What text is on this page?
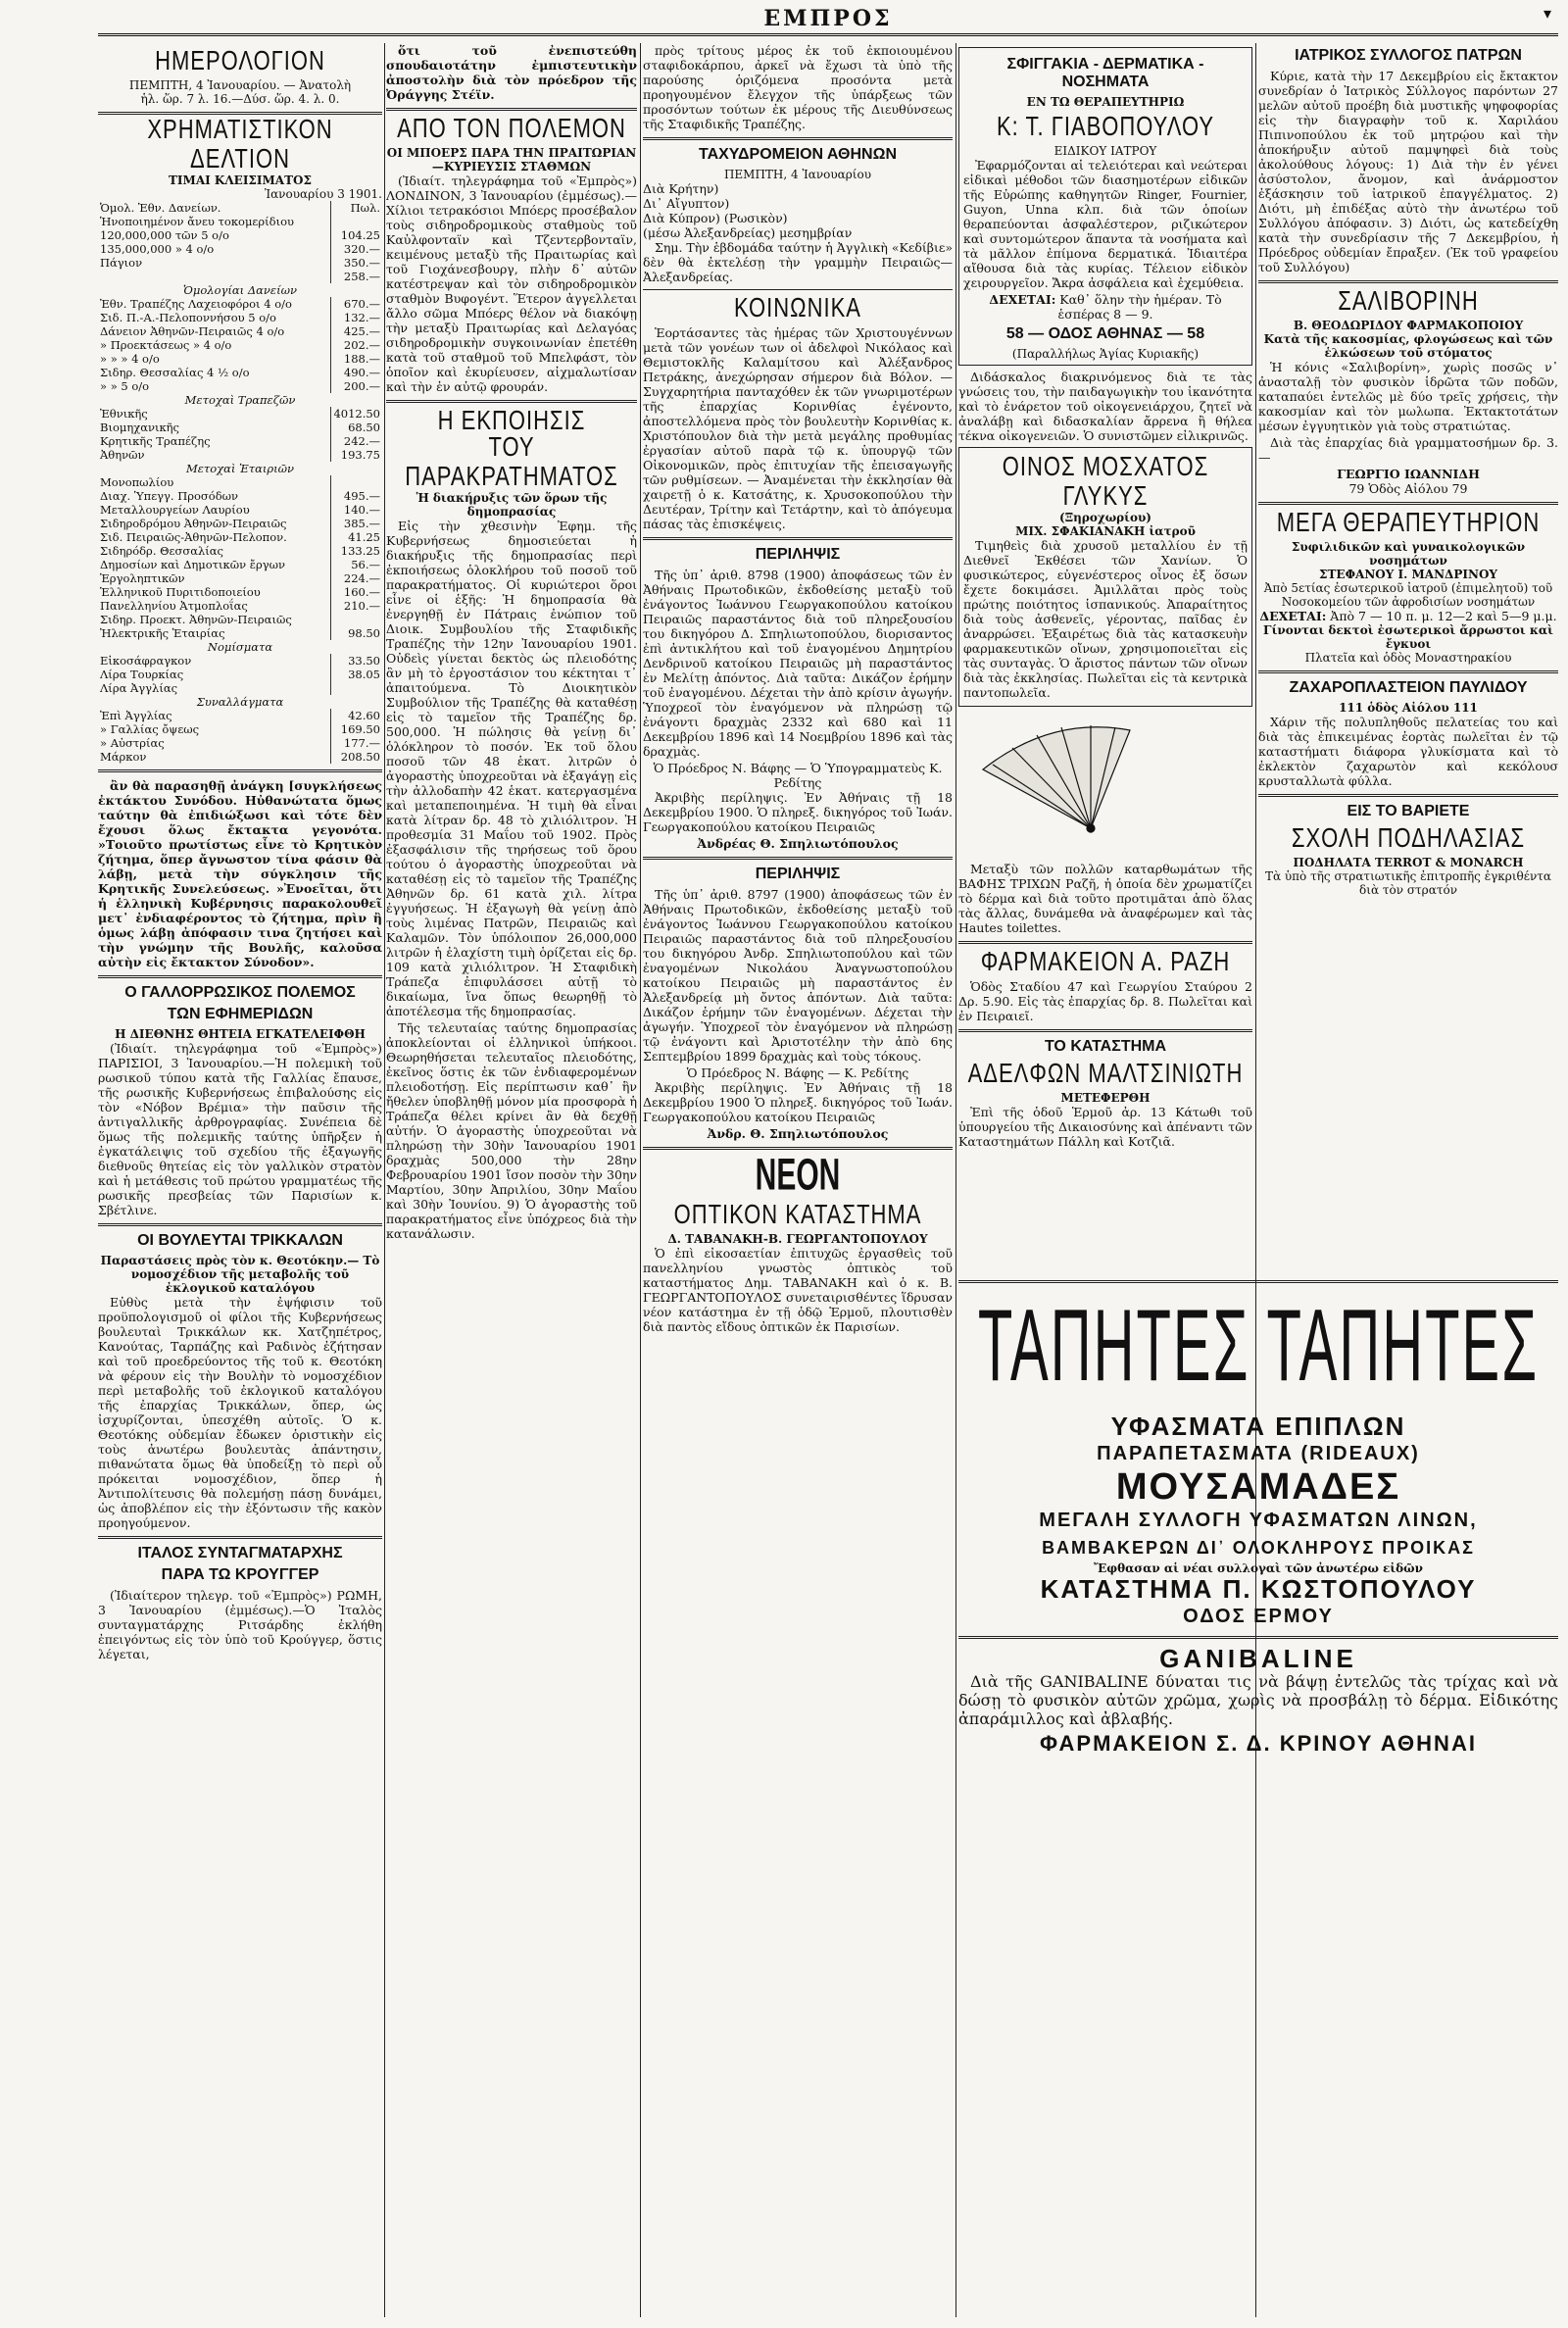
ΕΜΠΡΟΣ	▾
ΗΜΕΡΟΛΟΓΙΟΝ
ΠΕΜΠΤΗ, 4 Ἰανουαρίου. — Ἀνατολὴ
ἡλ. ὥρ. 7 λ. 16.—Δύσ. ὥρ. 4. λ. 0.
ΧΡΗΜΑΤΙΣΤΙΚΟΝ ΔΕΛΤΙΟΝ
ΤΙΜΑΙ ΚΛΕΙΣΙΜΑΤΟΣ
Ἰανουαρίου 3 1901.
Ὁμολ. Ἐθν. Δανείων.	Πωλ.
Ἡνοποιημένον ἄνευ τοκομερίδιου	
120,000,000 τῶν 5 ο/ο	104.25
135,000,000 » 4 ο/ο	320.—
Πάγιον	350.—
	258.—
Ὁμολογίαι Δανείων	
Ἐθν. Τραπέζης Λαχειοφόροι 4 ο/ο	670.—
Σιδ. Π.-Α.-Πελοποννήσου 5 ο/ο	132.—
Δάνειον Ἀθηνῶν-Πειραιῶς 4 ο/ο	425.—
» Προεκτάσεως » 4 ο/ο	202.—
» » » 4 ο/ο	188.—
Σιδηρ. Θεσσαλίας 4 ½ ο/ο	490.—
» » 5 ο/ο	200.—
Μετοχαὶ Τραπεζῶν	
Ἐθνικῆς	4012.50
Βιομηχανικῆς	68.50
Κρητικῆς Τραπέζης	242.—
Ἀθηνῶν	193.75
Μετοχαὶ Ἑταιριῶν	
Μονοπωλίου	
Διαχ. Ὑπεγγ. Προσόδων	495.—
Μεταλλουργείων Λαυρίου	140.—
Σιδηροδρόμου Ἀθηνῶν-Πειραιῶς	385.—
Σιδ. Πειραιῶς-Ἀθηνῶν-Πελοπον.	41.25
Σιδηρόδρ. Θεσσαλίας	133.25
Δημοσίων καὶ Δημοτικῶν ἔργων	56.—
Ἐργοληπτικῶν	224.—
Ἑλληνικοῦ Πυριτιδοποιείου	160.—
Πανελληνίου Ἀτμοπλοΐας	210.—
Σιδηρ. Προεκτ. Ἀθηνῶν-Πειραιῶς	
Ἠλεκτρικῆς Ἑταιρίας	98.50
Νομίσματα	
Εἰκοσάφραγκον	33.50
Λίρα Τουρκίας	38.05
Λίρα Ἀγγλίας	
Συναλλάγματα	
Ἐπὶ Ἀγγλίας	42.60
» Γαλλίας ὄψεως	169.50
» Αὐστρίας	177.—
Μάρκον	208.50

ἂν θὰ παρασηθῇ ἀνάγκη [συγκλήσεως ἐκτάκτου Συνόδου. Ηὐθανώτατα ὅμως ταύτην θὰ ἐπιδιώξωσι καὶ τότε δὲν ἔχουσι ὅλως ἔκτακτα γεγονότα. »Τοιοῦτο πρωτίστως εἶνε τὸ Κρητικὸν ζήτημα, ὅπερ ἄγνωστον τίνα φάσιν θὰ λάβῃ, μετὰ τὴν σύγκλησιν τῆς Κρητικῆς Συνελεύσεως. »Ἐνοεῖται, ὅτι ἡ ἑλληνικὴ Κυβέρνησις παρακολουθεῖ μετ᾿ ἐνδιαφέροντος τὸ ζήτημα, πρὶν ἢ ὁμως λάβῃ ἀπόφασιν τινα ζητήσει καὶ τὴν γνώμην τῆς Βουλῆς, καλοῦσα αὐτὴν εἰς ἔκτακτον Σύνοδον».

Ο ΓΑΛΛΟΡΡΩΣΙΚΟΣ ΠΟΛΕΜΟΣ
ΤΩΝ ΕΦΗΜΕΡΙΔΩΝ
Η ΔΙΕΘΝΗΣ ΘΗΤΕΙΑ ΕΓΚΑΤΕΛΕΙΦΘΗ

(Ἰδιαίτ. τηλεγράφημα τοῦ «Ἐμπρὸς») ΠΑΡΙΣΙΟΙ, 3 Ἰανουαρίου.—Ἡ πολεμικὴ τοῦ ρωσικοῦ τύπου κατὰ τῆς Γαλλίας ἔπαυσε, τῆς ρωσικῆς Κυβερνήσεως ἐπιβαλούσης εἰς τὸν «Νόβον Βρέμια» τὴν παῦσιν τῆς ἀντιγαλλικῆς ἀρθρογραφίας. Συνέπεια δὲ ὅμως τῆς πολεμικῆς ταύτης ὑπῆρξεν ἡ ἐγκατάλειψις τοῦ σχεδίου τῆς ἐξαγωγῆς διεθνοῦς θητείας εἰς τὸν γαλλικὸν στρατὸν καὶ ἡ μετάθεσις τοῦ πρώτου γραμματέως τῆς ρωσικῆς πρεσβείας τῶν Παρισίων κ. Σβέτλινε.

ΟΙ ΒΟΥΛΕΥΤΑΙ ΤΡΙΚΚΑΛΩΝ
Παραστάσεις πρὸς τὸν κ. Θεοτόκην.— Τὸ νομοσχέδιον τῆς μεταβολῆς τοῦ ἐκλογικοῦ καταλόγου

Εὐθὺς μετὰ τὴν ἐψήφισιν τοῦ προϋπολογισμοῦ οἱ φίλοι τῆς Κυβερνήσεως βουλευταὶ Τρικκάλων κκ. Χατζηπέτρος, Κανούτας, Ταρπάζης καὶ Ραδινὸς ἐζήτησαν καὶ τοῦ προεδρεύοντος τῆς τοῦ κ. Θεοτόκη νὰ φέρουν εἰς τὴν Βουλὴν τὸ νομοσχέδιον περὶ μεταβολῆς τοῦ ἐκλογικοῦ καταλόγου τῆς ἐπαρχίας Τρικκάλων, ὅπερ, ὡς ἰσχυρίζονται, ὑπεσχέθη αὐτοῖς. Ὁ κ. Θεοτόκης οὐδεμίαν ἔδωκεν ὁριστικὴν εἰς τοὺς ἀνωτέρω βουλευτὰς ἀπάντησιν, πιθανώτατα ὅμως θὰ ὑποδείξῃ τὸ περὶ οὗ πρόκειται νομοσχέδιον, ὅπερ ἡ Ἀντιπολίτευσις θὰ πολεμήσῃ πάσῃ δυνάμει, ὡς ἀποβλέπον εἰς τὴν ἐξόντωσιν τῆς κακὸν προηγούμενον.

ΙΤΑΛΟΣ ΣΥΝΤΑΓΜΑΤΑΡΧΗΣ
ΠΑΡΑ ΤΩ ΚΡΟΥΓΓΕΡ

(Ἰδιαίτερον τηλεγρ. τοῦ «Ἐμπρὸς») ΡΩΜΗ, 3 Ἰανουαρίου (ἐμμέσως).—Ὁ Ἰταλὸς συνταγματάρχης Ριτσάρδης ἐκλήθη ἐπειγόντως εἰς τὸν ὑπὸ τοῦ Κρούγγερ, ὅστις λέγεται,

ὅτι τοῦ ἐνεπιστεύθη σπουδαιοτάτην ἐμπιστευτικὴν ἀποστολὴν διὰ τὸν πρόεδρον τῆς Ὀράγγης Στέϊν.

ΑΠΟ ΤΟΝ ΠΟΛΕΜΟΝ
ΟΙ ΜΠΟΕΡΣ ΠΑΡΑ ΤΗΝ ΠΡΑΙΤΩΡΙΑΝ
—ΚΥΡΙΕΥΣΙΣ ΣΤΑΘΜΩΝ

(Ἰδιαίτ. τηλεγράφημα τοῦ «Ἐμπρὸς») ΛΟΝΔΙΝΟΝ, 3 Ἰανουαρίου (ἐμμέσως).— Χίλιοι τετρακόσιοι Μπόερς προσέβαλον τοὺς σιδηροδρομικοὺς σταθμοὺς τοῦ Καὐλφονταϊν καὶ Τζεντερβονταϊν, κειμένους μεταξὺ τῆς Πραιτωρίας καὶ τοῦ Γιοχάνεσβουργ, πλὴν δ᾿ αὐτῶν κατέστρεψαν καὶ τὸν σιδηροδρομικὸν σταθμὸν Βυφογέντ. Ἕτερον ἀγγελλεται ἄλλο σῶμα Μπόερς θέλον νὰ διακόψῃ τὴν μεταξὺ Πραιτωρίας καὶ Δελαγόας σιδηροδρομικὴν συγκοινωνίαν ἐπετέθη κατὰ τοῦ σταθμοῦ τοῦ Μπελφάστ, τὸν ὁποῖον καὶ ἐκυρίευσεν, αἰχμαλωτίσαν καὶ τὴν ἐν αὐτῷ φρουράν.

Η ΕΚΠΟΙΗΣΙΣ
ΤΟΥ ΠΑΡΑΚΡΑΤΗΜΑΤΟΣ
Ἡ διακήρυξις τῶν ὅρων τῆς δημοπρασίας

Εἰς τὴν χθεσινὴν Ἐφημ. τῆς Κυβερνήσεως δημοσιεύεται ἡ διακήρυξις τῆς δημοπρασίας περὶ ἐκποιήσεως ὁλοκλήρου τοῦ ποσοῦ τοῦ παρακρατήματος. Οἱ κυριώτεροι ὅροι εἶνε οἱ ἑξῆς: Ἡ δημοπρασία θὰ ἐνεργηθῇ ἐν Πάτραις ἐνώπιον τοῦ Διοικ. Συμβουλίου τῆς Σταφιδικῆς Τραπέζης τὴν 12ην Ἰανουαρίου 1901. Οὐδεὶς γίνεται δεκτὸς ὡς πλειοδότης ἂν μὴ τὸ ἐργοστάσιον του κέκτηται τ᾿ ἀπαιτούμενα. Τὸ Διοικητικὸν Συμβούλιον τῆς Τραπέζης θὰ καταθέσῃ εἰς τὸ ταμεῖον τῆς Τραπέζης δρ. 500,000. Ἡ πώλησις θὰ γείνῃ δι᾿ ὁλόκληρον τὸ ποσόν. Ἐκ τοῦ ὅλου ποσοῦ τῶν 48 ἑκατ. λιτρῶν ὁ ἀγοραστὴς ὑποχρεοῦται νὰ ἐξαγάγῃ εἰς τὴν ἀλλοδαπὴν 42 ἑκατ. κατεργασμένα καὶ μεταπεποιημένα. Ἡ τιμὴ θὰ εἶναι κατὰ λίτραν δρ. 48 τὸ χιλιόλιτρον. Ἡ προθεσμία 31 Μαΐου τοῦ 1902. Πρὸς ἐξασφάλισιν τῆς τηρήσεως τοῦ ὅρου τούτου ὁ ἀγοραστὴς ὑποχρεοῦται νὰ καταθέσῃ εἰς τὸ ταμεῖον τῆς Τραπέζης Ἀθηνῶν δρ. 61 κατὰ χιλ. λίτρα ἐγγυήσεως. Ἡ ἐξαγωγὴ θὰ γείνῃ ἀπὸ τοὺς λιμένας Πατρῶν, Πειραιῶς καὶ Καλαμῶν. Τὸν ὑπόλοιπον 26,000,000 λιτρῶν ἡ ἐλαχίστη τιμὴ ὁρίζεται εἰς δρ. 109 κατὰ χιλιόλιτρον. Ἡ Σταφιδικὴ Τράπεζα ἐπιφυλάσσει αὐτῇ τὸ δικαίωμα, ἵνα ὅπως θεωρηθῇ τὸ ἀποτέλεσμα τῆς δημοπρασίας.

Τῆς τελευταίας ταύτης δημοπρασίας ἀποκλείονται οἱ ἑλληνικοὶ ὑπήκοοι. Θεωρηθήσεται τελευταῖος πλειοδότης, ἐκεῖνος ὅστις ἐκ τῶν ἐνδιαφερομένων πλειοδοτήσῃ. Εἰς περίπτωσιν καθ᾿ ἣν ἤθελεν ὑποβληθῇ μόνον μία προσφορὰ ἡ Τράπεζα θέλει κρίνει ἂν θὰ δεχθῇ αὐτήν. Ὁ ἀγοραστὴς ὑποχρεοῦται νὰ πληρώσῃ τὴν 30ὴν Ἰανουαρίου 1901 δραχμὰς 500,000 τὴν 28ην Φεβρουαρίου 1901 ἴσον ποσὸν τὴν 30ην Μαρτίου, 30ην Ἀπριλίου, 30ην Μαΐου καὶ 30ὴν Ἰουνίου. 9) Ὁ ἀγοραστὴς τοῦ παρακρατήματος εἶνε ὑπόχρεος διὰ τὴν κατανάλωσιν.

πρὸς τρίτους μέρος ἐκ τοῦ ἐκποιουμένου σταφιδοκάρπου, ἀρκεῖ νὰ ἔχωσι τὰ ὑπὸ τῆς παρούσης ὁριζόμενα προσόντα μετὰ προηγουμένον ἔλεγχον τῆς ὑπάρξεως τῶν προσόντων τούτων ἐκ μέρους τῆς Διευθύνσεως τῆς Σταφιδικῆς Τραπέζης.

ΤΑΧΥΔΡΟΜΕΙΟΝ ΑΘΗΝΩΝ
ΠΕΜΠΤΗ, 4 Ἰανουαρίου
Διὰ Κρήτην)
Δι᾿ Αἴγυπτον)
Διὰ Κύπρον) (Ρωσικὸν)
(μέσω Ἀλεξανδρείας) μεσημβρίαν

Σημ. Τὴν ἑβδομάδα ταύτην ἡ Ἀγγλικὴ «Κεδίβιε» δὲν θὰ ἐκτελέσῃ τὴν γραμμὴν Πειραιῶς—Ἀλεξανδρείας.

ΚΟΙΝΩΝΙΚΑ

Ἑορτάσαντες τὰς ἡμέρας τῶν Χριστουγέννων μετὰ τῶν γονέων των οἱ ἀδελφοὶ Νικόλαος καὶ Θεμιστοκλῆς Καλαμίτσου καὶ Ἀλέξανδρος Πετράκης, ἀνεχώρησαν σήμερον διὰ Βόλον. — Συγχαρητήρια πανταχόθεν ἐκ τῶν γνωριμοτέρων τῆς ἐπαρχίας Κορινθίας ἐγένοντο, ἀποστελλόμενα πρὸς τὸν βουλευτὴν Κορινθίας κ. Χριστόπουλον διὰ τὴν μετὰ μεγάλης προθυμίας ἐργασίαν αὐτοῦ παρὰ τῷ κ. ὑπουργῷ τῶν Οἰκονομικῶν, πρὸς ἐπιτυχίαν τῆς ἐπεισαγωγῆς τῶν ρυθμίσεων. — Ἀναμένεται τὴν ἐκκλησίαν θὰ χαιρετῇ ὁ κ. Κατσάτης, κ. Χρυσοκοπούλου τὴν Δευτέραν, Τρίτην καὶ Τετάρτην, καὶ τὸ ἀπόγευμα πάσας τὰς ἐπισκέψεις.

ΠΕΡΙΛΗΨΙΣ

Τῆς ὑπ᾿ ἀριθ. 8798 (1900) ἀποφάσεως τῶν ἐν Ἀθήναις Πρωτοδικῶν, ἐκδοθείσης μεταξὺ τοῦ ἐνάγοντος Ἰωάννου Γεωργακοπούλου κατοίκου Πειραιῶς παραστάντος διὰ τοῦ πληρεξουσίου του δικηγόρου Δ. Σπηλιωτοπούλου, διορισαντος ἐπὶ ἀντικλήτου καὶ τοῦ ἐναγομένου Δημητρίου Δενδρινοῦ κατοίκου Πειραιῶς μὴ παραστάντος ἐν Μελίτῃ ἀπόντος. Διὰ ταῦτα: Δικάζον ἐρήμην τοῦ ἐναγομένου. Δέχεται τὴν ἀπὸ κρίσιν ἀγωγήν. Ὑποχρεοῖ τὸν ἐναγόμενον νὰ πληρώσῃ τῷ ἐνάγοντι δραχμὰς 2332 καὶ 680 καὶ 11 Δεκεμβρίου 1896 καὶ 14 Νοεμβρίου 1896 καὶ τὰς δραχμὰς.

Ὁ Πρόεδρος Ν. Βάφης — Ὁ Ὑπογραμματεὺς Κ. Ρεδίτης

Ἀκριβὴς περίληψις. Ἐν Ἀθήναις τῇ 18 Δεκεμβρίου 1900. Ὁ πληρεξ. δικηγόρος τοῦ Ἰωάν. Γεωργακοπούλου κατοίκου Πειραιῶς

Ἀνδρέας Θ. Σπηλιωτόπουλος
ΠΕΡΙΛΗΨΙΣ

Τῆς ὑπ᾿ ἀριθ. 8797 (1900) ἀποφάσεως τῶν ἐν Ἀθήναις Πρωτοδικῶν, ἐκδοθείσης μεταξὺ τοῦ ἐνάγοντος Ἰωάννου Γεωργακοπούλου κατοίκου Πειραιῶς παραστάντος διὰ τοῦ πληρεξουσίου του δικηγόρου Ἀνδρ. Σπηλιωτοπούλου καὶ τῶν ἐναγομένων Νικολάου Ἀναγνωστοπούλου κατοίκου Πειραιῶς μὴ παραστάντος ἐν Ἀλεξανδρείᾳ μὴ ὄντος ἀπόντων. Διὰ ταῦτα: Δικάζον ἐρήμην τῶν ἐναγομένων. Δέχεται τὴν ἀγωγήν. Ὑποχρεοῖ τὸν ἐναγόμενον νὰ πληρώσῃ τῷ ἐνάγοντι καὶ Ἀριστοτέλην τὴν ἀπὸ 6ης Σεπτεμβρίου 1899 δραχμὰς καὶ τοὺς τόκους.

Ὁ Πρόεδρος Ν. Βάφης — Κ. Ρεδίτης

Ἀκριβὴς περίληψις. Ἐν Ἀθήναις τῇ 18 Δεκεμβρίου 1900 Ὁ πληρεξ. δικηγόρος τοῦ Ἰωάν. Γεωργακοπούλου κατοίκου Πειραιῶς

Ἀνδρ. Θ. Σπηλιωτόπουλος
ΝΕΟΝ
ΟΠΤΙΚΟΝ ΚΑΤΑΣΤΗΜΑ
Δ. ΤΑΒΑΝΑΚΗ-Β. ΓΕΩΡΓΑΝΤΟΠΟΥΛΟΥ

Ὁ ἐπὶ εἰκοσαετίαν ἐπιτυχῶς ἐργασθεὶς τοῦ πανελληνίου γνωστὸς ὀπτικὸς τοῦ καταστήματος Δημ. ΤΑΒΑΝΑΚΗ καὶ ὁ κ. Β. ΓΕΩΡΓΑΝΤΟΠΟΥΛΟΣ συνεταιρισθέντες ἵδρυσαν νέον κατάστημα ἐν τῇ ὁδῷ Ἑρμοῦ, πλουτισθὲν διὰ παντὸς εἴδους ὀπτικῶν ἐκ Παρισίων.

ΣΦΙΓΓΑΚΙΑ - ΔΕΡΜΑΤΙΚΑ - ΝΟΣΗΜΑΤΑ
ΕΝ ΤΩ ΘΕΡΑΠΕΥΤΗΡΙΩ
Κ: Τ. ΓΙΑΒΟΠΟΥΛΟΥ
ΕΙΔΙΚΟΥ ΙΑΤΡΟΥ

Ἐφαρμόζονται αἱ τελειότεραι καὶ νεώτεραι εἰδικαὶ μέθοδοι τῶν διασημοτέρων εἰδικῶν τῆς Εὐρώπης καθηγητῶν Ringer, Fournier, Guyon, Unna κλπ. διὰ τῶν ὁποίων θεραπεύονται ἀσφαλέστερον, ριζικώτερον καὶ συντομώτερον ἅπαντα τὰ νοσήματα καὶ τὰ μᾶλλον ἐπίμονα δερματικά. Ἰδιαιτέρα αἴθουσα διὰ τὰς κυρίας. Τέλειον εἰδικὸν χειρουργεῖον. Ἄκρα ἀσφάλεια καὶ ἐχεμύθεια.

ΔΕΧΕΤΑΙ: Καθ᾿ ὅλην τὴν ἡμέραν. Τὸ ἑσπέρας 8 — 9.
58 — ΟΔΟΣ ΑΘΗΝΑΣ — 58
(Παραλλήλως Ἁγίας Κυριακῆς)

Διδάσκαλος διακρινόμενος διὰ τε τὰς γνώσεις του, τὴν παιδαγωγικὴν του ἱκανότητα καὶ τὸ ἐνάρετον τοῦ οἰκογενειάρχου, ζητεῖ νὰ ἀναλάβῃ καὶ διδασκαλίαν ἄρρενα ἢ θήλεα τέκνα οἰκογενειῶν. Ὁ συνιστῶμεν εἰλικρινῶς.

ΟΙΝΟΣ ΜΟΣΧΑΤΟΣ ΓΛΥΚΥΣ
(Ξηροχωρίου)
ΜΙΧ. ΣΦΑΚΙΑΝΑΚΗ ἰατροῦ

Τιμηθεὶς διὰ χρυσοῦ μεταλλίου ἐν τῇ Διεθνεῖ Ἐκθέσει τῶν Χανίων. Ὁ φυσικώτερος, εὐγενέστερος οἶνος ἐξ ὅσων ἔχετε δοκιμάσει. Ἀμιλλᾶται πρὸς τοὺς πρώτης ποιότητος ἱσπανικούς. Ἀπαραίτητος διὰ τοὺς ἀσθενεῖς, γέροντας, παῖδας ἐν ἀναρρώσει. Ἐξαιρέτως διὰ τὰς κατασκευὴν φαρμακευτικῶν οἴνων, χρησιμοποιεῖται εἰς τὰς συνταγὰς. Ὁ ἄριστος πάντων τῶν οἴνων διὰ τὰς ἐκκλησίας. Πωλεῖται εἰς τὰ κεντρικὰ παντοπωλεῖα.

Μεταξὺ τῶν πολλῶν καταρθωμάτων τῆς ΒΑΦΗΣ ΤΡΙΧΩΝ Ραζῆ, ἡ ὁποία δὲν χρωματίζει τὸ δέρμα καὶ διὰ τοῦτο προτιμᾶται ἀπὸ ὅλας τὰς ἄλλας, δυνάμεθα νὰ ἀναφέρωμεν καὶ τὰς Hautes toilettes.

ΦΑΡΜΑΚΕΙΟΝ Α. ΡΑΖΗ

Ὁδὸς Σταδίου 47 καὶ Γεωργίου Σταύρου 2 Δρ. 5.90. Εἰς τὰς ἐπαρχίας δρ. 8. Πωλεῖται καὶ ἐν Πειραιεῖ.

ΤΟ ΚΑΤΑΣΤΗΜΑ
ΑΔΕΛΦΩΝ ΜΑΛΤΣΙΝΙΩΤΗ
ΜΕΤΕΦΕΡΘΗ

Ἐπὶ τῆς ὁδοῦ Ἑρμοῦ ἀρ. 13 Κάτωθι τοῦ ὑπουργείου τῆς Δικαιοσύνης καὶ ἀπέναντι τῶν Καταστημάτων Πάλλη καὶ Κοτζιᾶ.

ΙΑΤΡΙΚΟΣ ΣΥΛΛΟΓΟΣ ΠΑΤΡΩΝ

Κύριε, κατὰ τὴν 17 Δεκεμβρίου εἰς ἔκτακτον συνεδρίαν ὁ Ἰατρικὸς Σύλλογος παρόντων 27 μελῶν αὐτοῦ προέβη διὰ μυστικῆς ψηφοφορίας εἰς τὴν διαγραφὴν τοῦ κ. Χαριλάου Πιπινοπούλου ἐκ τοῦ μητρῴου καὶ τὴν ἀποκήρυξιν αὐτοῦ παμψηφεὶ διὰ τοὺς ἀκολούθους λόγους: 1) Διὰ τὴν ἐν γένει ἀσύστολον, ἄνομον, καὶ ἀνάρμοστον ἐξάσκησιν τοῦ ἰατρικοῦ ἐπαγγέλματος. 2) Διότι, μὴ ἐπιδέξας αὐτὸ τὴν ἀνωτέρω τοῦ Συλλόγου ἀπόφασιν. 3) Διότι, ὡς κατεδείχθη κατὰ τὴν συνεδρίασιν τῆς 7 Δεκεμβρίου, ἡ Πρόεδρος οὐδεμίαν ἔπραξεν. (Ἐκ τοῦ γραφείου τοῦ Συλλόγου)

ΣΑΛΙΒΟΡΙΝΗ
Β. ΘΕΟΔΩΡΙΔΟΥ ΦΑΡΜΑΚΟΠΟΙΟΥ
Κατὰ τῆς κακοσμίας, φλογώσεως καὶ τῶν ἑλκώσεων τοῦ στόματος

Ἡ κόνις «Σαλιβορίνη», χωρὶς ποσῶς ν᾿ ἀνασταλῇ τὸν φυσικὸν ἱδρῶτα τῶν ποδῶν, καταπαύει ἐντελῶς μὲ δύο τρεῖς χρήσεις, τὴν κακοσμίαν καὶ τὸν μωλωπα. Ἐκτακτοτάτων μέσων ἐγγυητικὸν γιὰ τοὺς στρατιώτας.

Διὰ τὰς ἐπαρχίας διὰ γραμματοσήμων δρ. 3.—

ΓΕΩΡΓΙΟ ΙΩΑΝΝΙΔΗ
79 Ὁδὸς Αἰόλου 79
ΜΕΓΑ ΘΕΡΑΠΕΥΤΗΡΙΟΝ
Συφιλιδικῶν καὶ γυναικολογικῶν νοσημάτων
ΣΤΕΦΑΝΟΥ Ι. ΜΑΝΔΡΙΝΟΥ
Ἀπὸ 5ετίας ἐσωτερικοῦ ἰατροῦ (ἐπιμελητοῦ) τοῦ Νοσοκομείου τῶν ἀφροδισίων νοσημάτων
ΔΕΧΕΤΑΙ: Ἀπὸ 7 — 10 π. μ. 12—2 καὶ 5—9 μ.μ.
Γίνονται δεκτοὶ ἐσωτερικοὶ ἄρρωστοι καὶ ἔγκυοι
Πλατεῖα καὶ ὁδὸς Μοναστηρακίου
ΖΑΧΑΡΟΠΛΑΣΤΕΙΟΝ ΠΑΥΛΙΔΟΥ
111 ὁδὸς Αἰόλου 111

Χάριν τῆς πολυπληθοῦς πελατείας του καὶ διὰ τὰς ἐπικειμένας ἑορτὰς πωλεῖται ἐν τῷ καταστήματι διάφορα γλυκίσματα καὶ τὸ ἐκλεκτὸν ζαχαρωτὸν καὶ κεκόλουσ κρυσταλλωτὰ φύλλα.

ΕΙΣ ΤΟ ΒΑΡΙΕΤΕ
ΣΧΟΛΗ ΠΟΔΗΛΑΣΙΑΣ
ΠΟΔΗΛΑΤΑ TERROT & MONARCH
Τὰ ὑπὸ τῆς στρατιωτικῆς ἐπιτροπῆς ἐγκριθέντα διὰ τὸν στρατόν
ΤΑΠΗΤΕΣ ΤΑΠΗΤΕΣ
ΥΦΑΣΜΑΤΑ ΕΠΙΠΛΩΝ
ΠΑΡΑΠΕΤΑΣΜΑΤΑ (RIDEAUX)
ΜΟΥΣΑΜΑΔΕΣ
ΜΕΓΑΛΗ ΣΥΛΛΟΓΗ ΥΦΑΣΜΑΤΩΝ ΛΙΝΩΝ,
ΒΑΜΒΑΚΕΡΩΝ ΔΙ᾿ ΟΛΟΚΛΗΡΟΥΣ ΠΡΟΙΚΑΣ
Ἔφθασαν αἱ νέαι συλλογαὶ τῶν ἀνωτέρω εἰδῶν
ΚΑΤΑΣΤΗΜΑ Π. ΚΩΣΤΟΠΟΥΛΟΥ
ΟΔΟΣ ΕΡΜΟΥ
GANIBALINE

Διὰ τῆς GANIBALINE δύναται τις νὰ βάψῃ ἐντελῶς τὰς τρίχας καὶ νὰ δώσῃ τὸ φυσικὸν αὐτῶν χρῶμα, χωρὶς νὰ προσβάλῃ τὸ δέρμα. Εἰδικότης ἀπαράμιλλος καὶ ἀβλαβής.

ΦΑΡΜΑΚΕΙΟΝ Σ. Δ. ΚΡΙΝΟΥ ΑΘΗΝΑΙ
